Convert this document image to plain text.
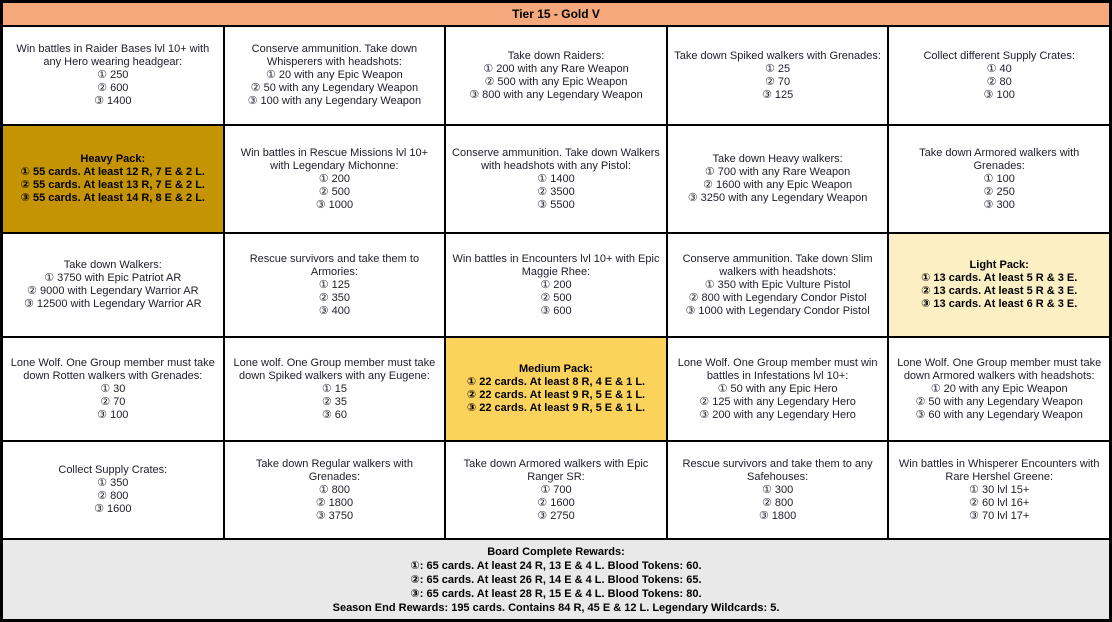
Tier 15 - Gold V
Win battles in Raider Bases lvl 10+ with any Hero wearing headgear:
① 250
② 600
③ 1400
Conserve ammunition. Take down Whisperers with headshots:
① 20 with any Epic Weapon
② 50 with any Legendary Weapon
③ 100 with any Legendary Weapon
Take down Raiders:
① 200 with any Rare Weapon
② 500 with any Epic Weapon
③ 800 with any Legendary Weapon
Take down Spiked walkers with Grenades:
① 25
② 70
③ 125
Collect different Supply Crates:
① 40
② 80
③ 100
Heavy Pack:
① 55 cards. At least 12 R, 7 E & 2 L.
② 55 cards. At least 13 R, 7 E & 2 L.
③ 55 cards. At least 14 R, 8 E & 2 L.
Win battles in Rescue Missions lvl 10+ with Legendary Michonne:
① 200
② 500
③ 1000
Conserve ammunition. Take down Walkers with headshots with any Pistol:
① 1400
② 3500
③ 5500
Take down Heavy walkers:
① 700 with any Rare Weapon
② 1600 with any Epic Weapon
③ 3250 with any Legendary Weapon
Take down Armored walkers with Grenades:
① 100
② 250
③ 300
Take down Walkers:
① 3750 with Epic Patriot AR
② 9000 with Legendary Warrior AR
③ 12500 with Legendary Warrior AR
Rescue survivors and take them to Armories:
① 125
② 350
③ 400
Win battles in Encounters lvl 10+ with Epic Maggie Rhee:
① 200
② 500
③ 600
Conserve ammunition. Take down Slim walkers with headshots:
① 350 with Epic Vulture Pistol
② 800 with Legendary Condor Pistol
③ 1000 with Legendary Condor Pistol
Light Pack:
① 13 cards. At least 5 R & 3 E.
② 13 cards. At least 5 R & 3 E.
③ 13 cards. At least 6 R & 3 E.
Lone Wolf. One Group member must take down Rotten walkers with Grenades:
① 30
② 70
③ 100
Lone wolf. One Group member must take down Spiked walkers with any Eugene:
① 15
② 35
③ 60
Medium Pack:
① 22 cards. At least 8 R, 4 E & 1 L.
② 22 cards. At least 9 R, 5 E & 1 L.
③ 22 cards. At least 9 R, 5 E & 1 L.
Lone Wolf. One Group member must win battles in Infestations lvl 10+:
① 50 with any Epic Hero
② 125 with any Legendary Hero
③ 200 with any Legendary Hero
Lone Wolf. One Group member must take down Armored walkers with headshots:
① 20 with any Epic Weapon
② 50 with any Legendary Weapon
③ 60 with any Legendary Weapon
Collect Supply Crates:
① 350
② 800
③ 1600
Take down Regular walkers with Grenades:
① 800
② 1800
③ 3750
Take down Armored walkers with Epic Ranger SR:
① 700
② 1600
③ 2750
Rescue survivors and take them to any Safehouses:
① 300
② 800
③ 1800
Win battles in Whisperer Encounters with Rare Hershel Greene:
① 30 lvl 15+
② 60 lvl 16+
③ 70 lvl 17+
Board Complete Rewards:
①: 65 cards. At least 24 R, 13 E & 4 L. Blood Tokens: 60.
②: 65 cards. At least 26 R, 14 E & 4 L. Blood Tokens: 65.
③: 65 cards. At least 28 R, 15 E & 4 L. Blood Tokens: 80.
Season End Rewards: 195 cards. Contains 84 R, 45 E & 12 L. Legendary Wildcards: 5.
